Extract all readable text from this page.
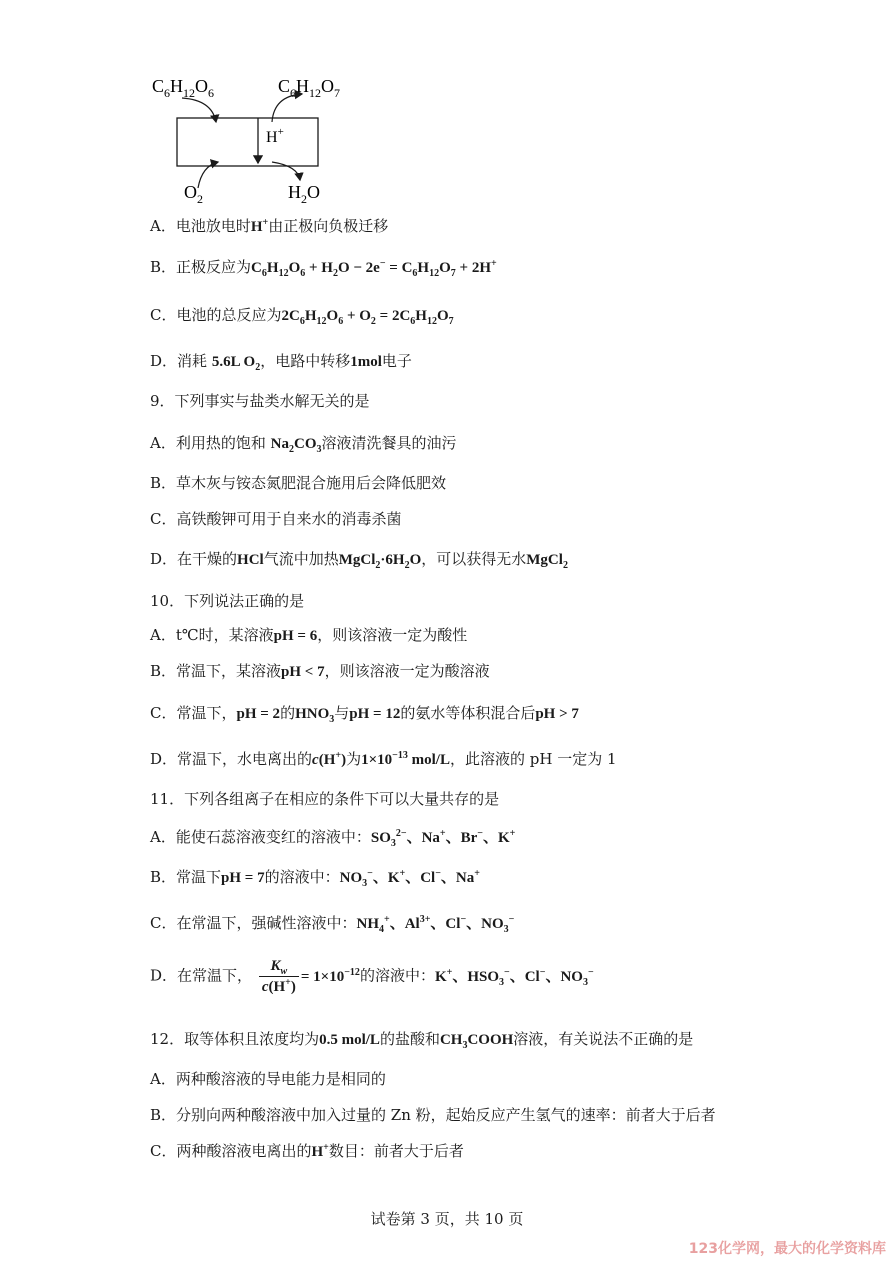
$C_6H_{12}O_6$	$C_6H_{12}O_7$
H+
$O_2$	$H_2O$
A．电池放电时H+由正极向负极迁移
B．正极反应为$C_6H_{12}O_6 + H_2O - 2e^- = C_6H_{12}O_7 + 2H^+$
C．电池的总反应为$2C_6H_{12}O_6 + O_2 = 2C_6H_{12}O_7$
D．消耗 5.6L $O_2$，电路中转移1mol电子
9．下列事实与盐类水解无关的是
A．利用热的饱和 $Na_2CO_3$溶液清洗餐具的油污
B．草木灰与铵态氮肥混合施用后会降低肥效
C．高铁酸钾可用于自来水的消毒杀菌
D．在干燥的HCl气流中加热$MgCl_2\cdot 6H_2O$，可以获得无水MgCl$_2$
10．下列说法正确的是
A．t℃时，某溶液pH = 6，则该溶液一定为酸性
B．常温下，某溶液pH < 7，则该溶液一定为酸溶液
C．常温下，pH = 2的$HNO_3$与pH = 12的氨水等体积混合后pH > 7
D．常温下，水电离出的c(H+)为$1\times 10^{-13}$ mol/L，此溶液的 pH 一定为 1
11．下列各组离子在相应的条件下可以大量共存的是
A．能使石蕊溶液变红的溶液中：$SO_3^{2-}$、Na+、Br−、K+
B．常温下pH = 7的溶液中：$NO_3^-$、K+、Cl−、Na+
C．在常温下，强碱性溶液中：$NH_4^+$、$Al^{3+}$、Cl−、$NO_3^-$
D．在常温下， $\frac{K_w}{c(H^+)} = 1\times 10^{-12}$的溶液中：K+、$HSO_3^-$、Cl−、$NO_3^-$
12．取等体积且浓度均为0.5 mol/L的盐酸和$CH_3COOH$溶液，有关说法不正确的是
A．两种酸溶液的导电能力是相同的
B．分别向两种酸溶液中加入过量的 Zn 粉，起始反应产生氢气的速率：前者大于后者
C．两种酸溶液电离出的H+数目：前者大于后者
试卷第 3 页，共 10 页
123化学网，最大的化学资料库
